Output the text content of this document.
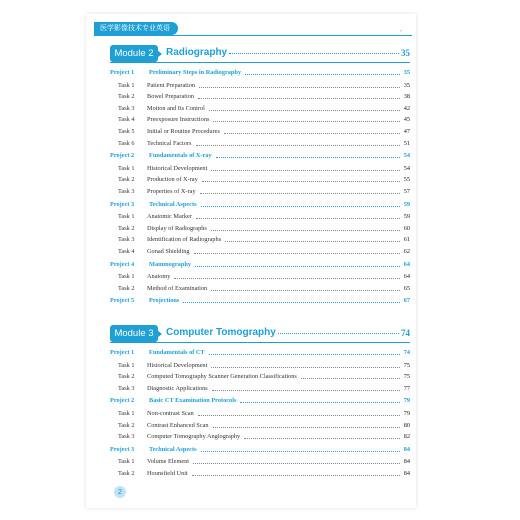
医学影像技术专业英语	,
Module 2	Radiography	35
Project 1 Preliminary Steps in Radiography	35
Task 1 Patient Preparation	35
Task 2 Bowel Preparation	38
Task 3 Motion and Its Control	42
Task 4 Preexposure Instructions	45
Task 5 Initial or Routine Procedures	47
Task 6 Technical Factors	51
Project 2 Fundamentals of X-ray	54
Task 1 Historical Development	54
Task 2 Production of X-ray	55
Task 3 Properties of X-ray	57
Project 3 Technical Aspects	59
Task 1 Anatomic Marker	59
Task 2 Display of Radiographs	60
Task 3 Identification of Radiographs	61
Task 4 Gonad Shielding	62
Project 4 Mammography	64
Task 1 Anatomy	64
Task 2 Method of Examination	65
Project 5 Projections	67
Module 3	Computer Tomography	74
Project 1 Fundamentals of CT	74
Task 1 Historical Development	75
Task 2 Computed Tomography Scanner Generation Classifications	75
Task 3 Diagnostic Applications	77
Project 2 Basic CT Examination Protocols	79
Task 1 Non-contrast Scan	79
Task 2 Contrast Enhanced Scan	80
Task 3 Computer Tomography Angiography	82
Project 3 Technical Aspects	84
Task 1 Volume Element	84
Task 2 Hounsfield Unit	84
2
